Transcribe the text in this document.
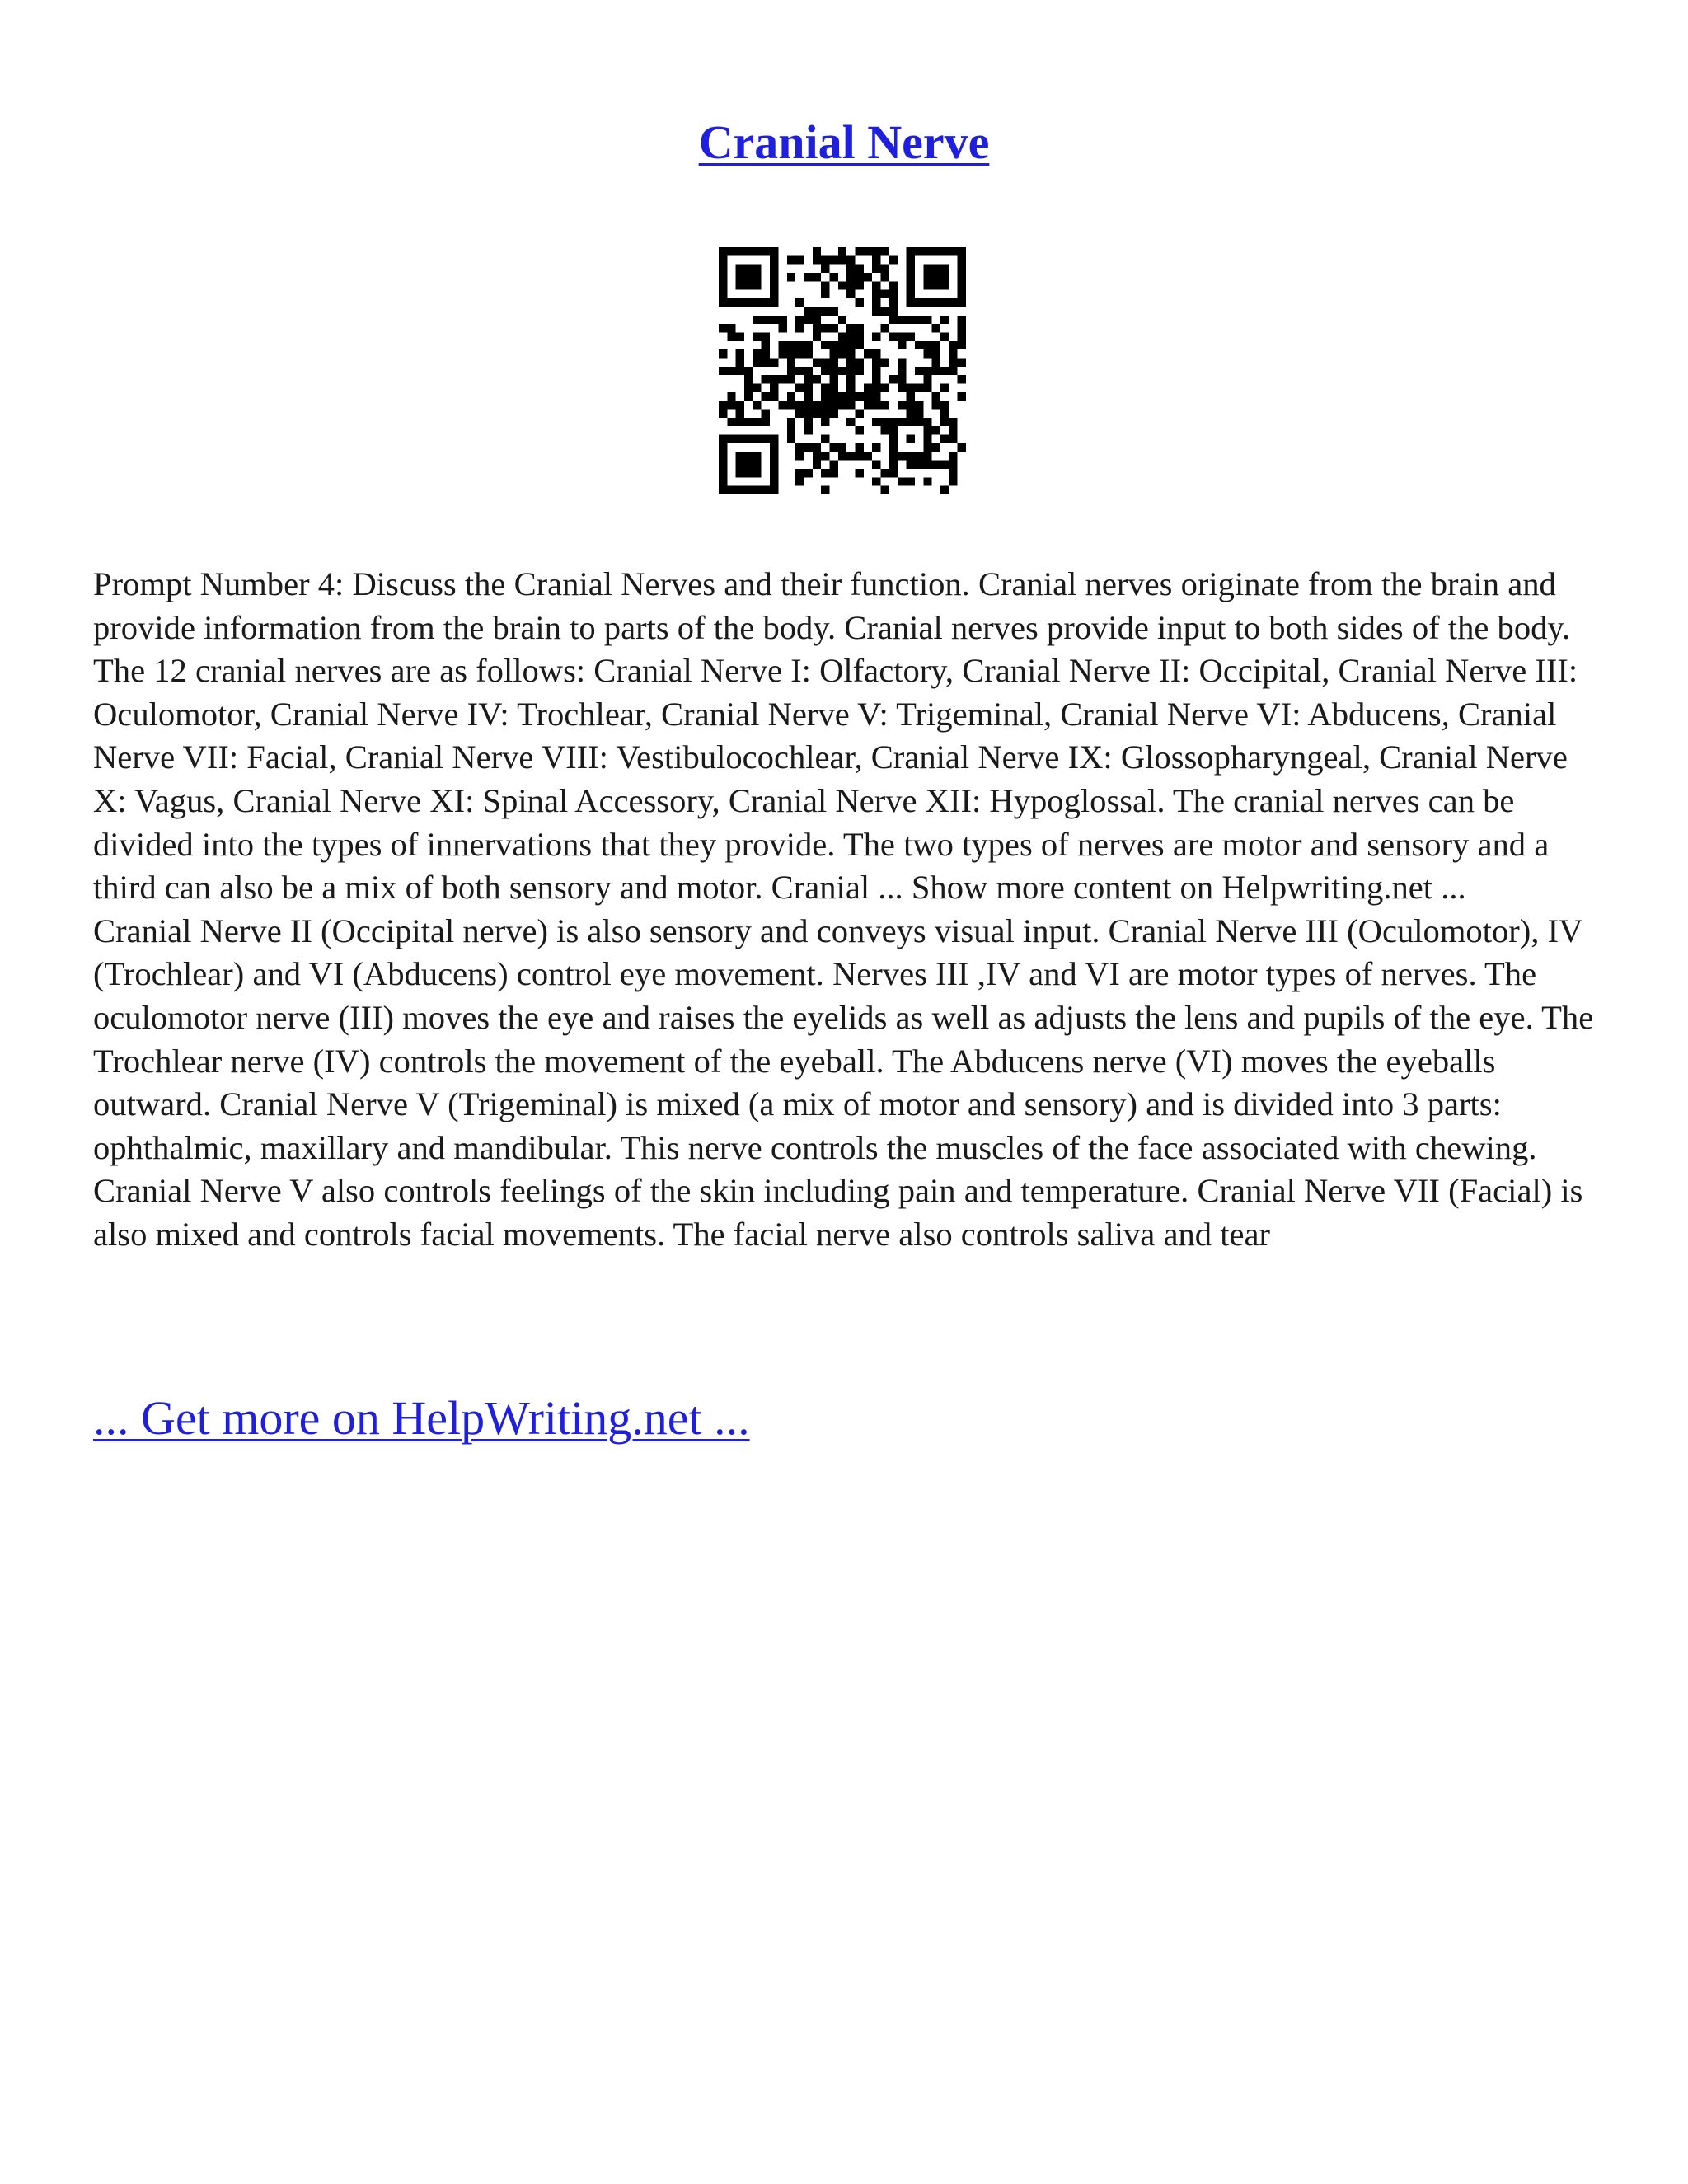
Cranial Nerve

Prompt Number 4: Discuss the Cranial Nerves and their function. Cranial nerves originate from the brain and provide information from the brain to parts of the body. Cranial nerves provide input to both sides of the body. The 12 cranial nerves are as follows: Cranial Nerve I: Olfactory, Cranial Nerve II: Occipital, Cranial Nerve III: Oculomotor, Cranial Nerve IV: Trochlear, Cranial Nerve V: Trigeminal, Cranial Nerve VI: Abducens, Cranial Nerve VII: Facial, Cranial Nerve VIII: Vestibulocochlear, Cranial Nerve IX: Glossopharyngeal, Cranial Nerve X: Vagus, Cranial Nerve XI: Spinal Accessory, Cranial Nerve XII: Hypoglossal. The cranial nerves can be divided into the types of innervations that they provide. The two types of nerves are motor and sensory and a third can also be a mix of both sensory and motor. Cranial ... Show more content on Helpwriting.net ...

Cranial Nerve II (Occipital nerve) is also sensory and conveys visual input. Cranial Nerve III (Oculomotor), IV (Trochlear) and VI (Abducens) control eye movement. Nerves III ,IV and VI are motor types of nerves. The oculomotor nerve (III) moves the eye and raises the eyelids as well as adjusts the lens and pupils of the eye. The Trochlear nerve (IV) controls the movement of the eyeball. The Abducens nerve (VI) moves the eyeballs outward. Cranial Nerve V (Trigeminal) is mixed (a mix of motor and sensory) and is divided into 3 parts: ophthalmic, maxillary and mandibular. This nerve controls the muscles of the face associated with chewing. Cranial Nerve V also controls feelings of the skin including pain and temperature. Cranial Nerve VII (Facial) is also mixed and controls facial movements. The facial nerve also controls saliva and tear

... Get more on HelpWriting.net ...
